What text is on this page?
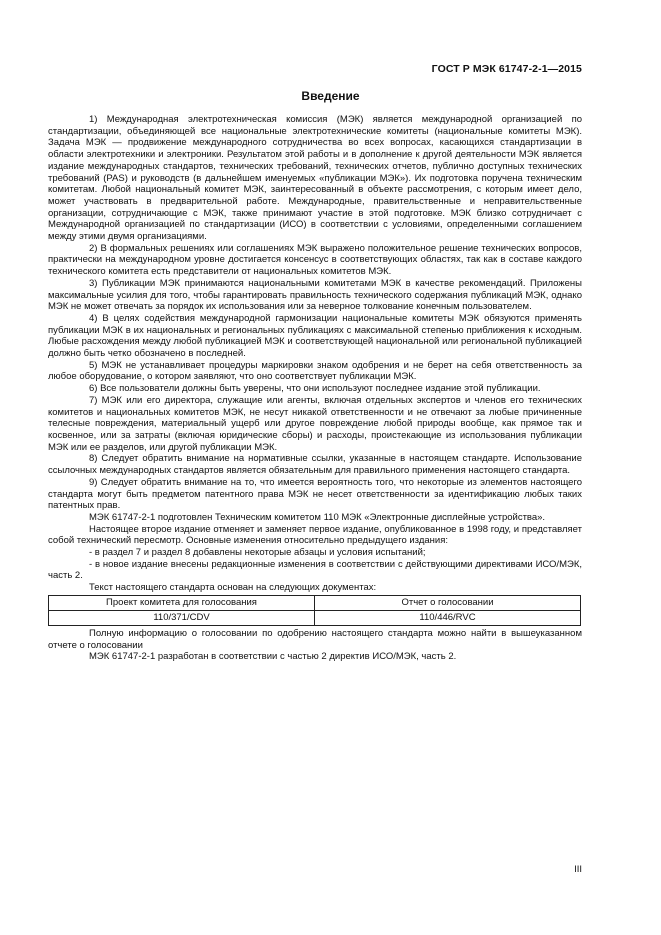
ГОСТ Р МЭК 61747-2-1—2015
Введение

1) Международная электротехническая комиссия (МЭК) является международной организацией по стандартизации, объединяющей все национальные электротехнические комитеты (национальные комитеты МЭК). Задача МЭК — продвижение международного сотрудничества во всех вопросах, касающихся стандартизации в области электротехники и электроники. Результатом этой работы и в дополнение к другой деятельности МЭК является издание международных стандартов, технических требований, технических отчетов, публично доступных технических требований (PAS) и руководств (в дальнейшем именуемых «публикации МЭК»). Их подготовка поручена техническим комитетам. Любой национальный комитет МЭК, заинтересованный в объекте рассмотрения, с которым имеет дело, может участвовать в предварительной работе. Международные, правительственные и неправительственные организации, сотрудничающие с МЭК, также принимают участие в этой подготовке. МЭК близко сотрудничает с Международной организацией по стандартизации (ИСО) в соответствии с условиями, определенными соглашением между этими двумя организациями.

2) В формальных решениях или соглашениях МЭК выражено положительное решение технических вопросов, практически на международном уровне достигается консенсус в соответствующих областях, так как в составе каждого технического комитета есть представители от национальных комитетов МЭК.

3) Публикации МЭК принимаются национальными комитетами МЭК в качестве рекомендаций. Приложены максимальные усилия для того, чтобы гарантировать правильность технического содержания публикаций МЭК, однако МЭК не может отвечать за порядок их использования или за неверное толкование конечным пользователем.

4) В целях содействия международной гармонизации национальные комитеты МЭК обязуются применять публикации МЭК в их национальных и региональных публикациях с максимальной степенью приближения к исходным. Любые расхождения между любой публикацией МЭК и соответствующей национальной или региональной публикацией должно быть четко обозначено в последней.

5) МЭК не устанавливает процедуры маркировки знаком одобрения и не берет на себя ответственность за любое оборудование, о котором заявляют, что оно соответствует публикации МЭК.

6) Все пользователи должны быть уверены, что они используют последнее издание этой публикации.

7) МЭК или его директора, служащие или агенты, включая отдельных экспертов и членов его технических комитетов и национальных комитетов МЭК, не несут никакой ответственности и не отвечают за любые причиненные телесные повреждения, материальный ущерб или другое повреждение любой природы вообще, как прямое так и косвенное, или за затраты (включая юридические сборы) и расходы, проистекающие из использования публикации МЭК или ее разделов, или другой публикации МЭК.

8) Следует обратить внимание на нормативные ссылки, указанные в настоящем стандарте. Использование ссылочных международных стандартов является обязательным для правильного применения настоящего стандарта.

9) Следует обратить внимание на то, что имеется вероятность того, что некоторые из элементов настоящего стандарта могут быть предметом патентного права МЭК не несет ответственности за идентификацию любых таких патентных прав.

МЭК 61747-2-1 подготовлен Техническим комитетом 110 МЭК «Электронные дисплейные устройства».

Настоящее второе издание отменяет и заменяет первое издание, опубликованное в 1998 году, и представляет собой технический пересмотр. Основные изменения относительно предыдущего издания:

- в раздел 7 и раздел 8 добавлены некоторые абзацы и условия испытаний;

- в новое издание внесены редакционные изменения в соответствии с действующими директивами ИСО/МЭК, часть 2.

Текст настоящего стандарта основан на следующих документах:

Проект комитета для голосования	Отчет о голосовании
110/371/CDV	110/446/RVC

Полную информацию о голосовании по одобрению настоящего стандарта можно найти в вышеуказанном отчете о голосовании

МЭК 61747-2-1 разработан в соответствии с частью 2 директив ИСО/МЭК, часть 2.

III
